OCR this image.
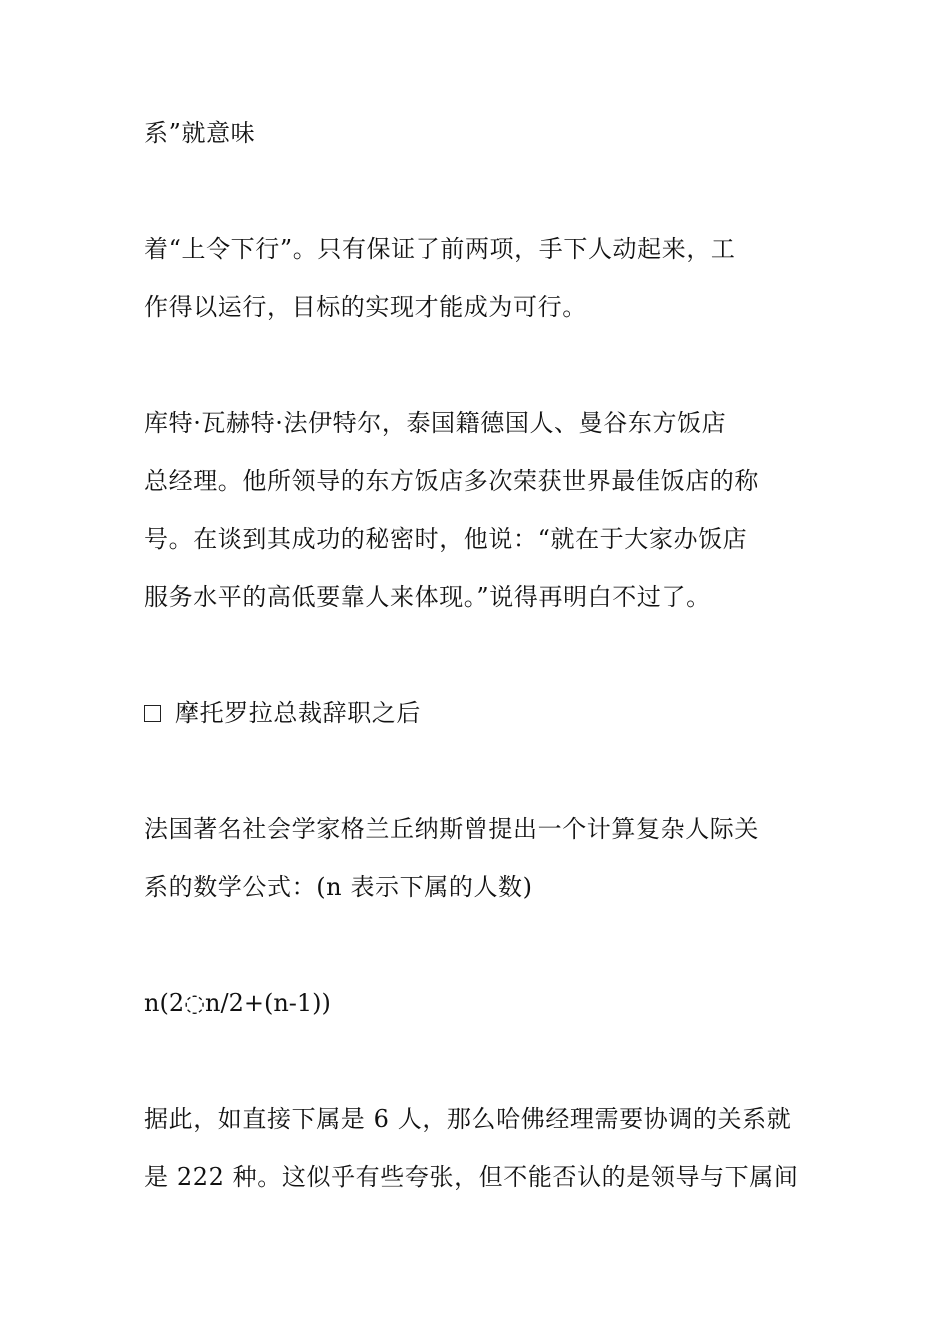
系”就意味
着“上令下行”。只有保证了前两项，手下人动起来，工
作得以运行，目标的实现才能成为可行。
库特·瓦赫特·法伊特尔，泰国籍德国人、曼谷东方饭店
总经理。他所领导的东方饭店多次荣获世界最佳饭店的称
号。在谈到其成功的秘密时，他说：“就在于大家办饭店
服务水平的高低要靠人来体现。”说得再明白不过了。
摩托罗拉总裁辞职之后
法国著名社会学家格兰丘纳斯曾提出一个计算复杂人际关
系的数学公式：(n 表示下属的人数)
n(2◌n/2+(n-1))
据此，如直接下属是 6 人，那么哈佛经理需要协调的关系就
是 222 种。这似乎有些夸张，但不能否认的是领导与下属间
